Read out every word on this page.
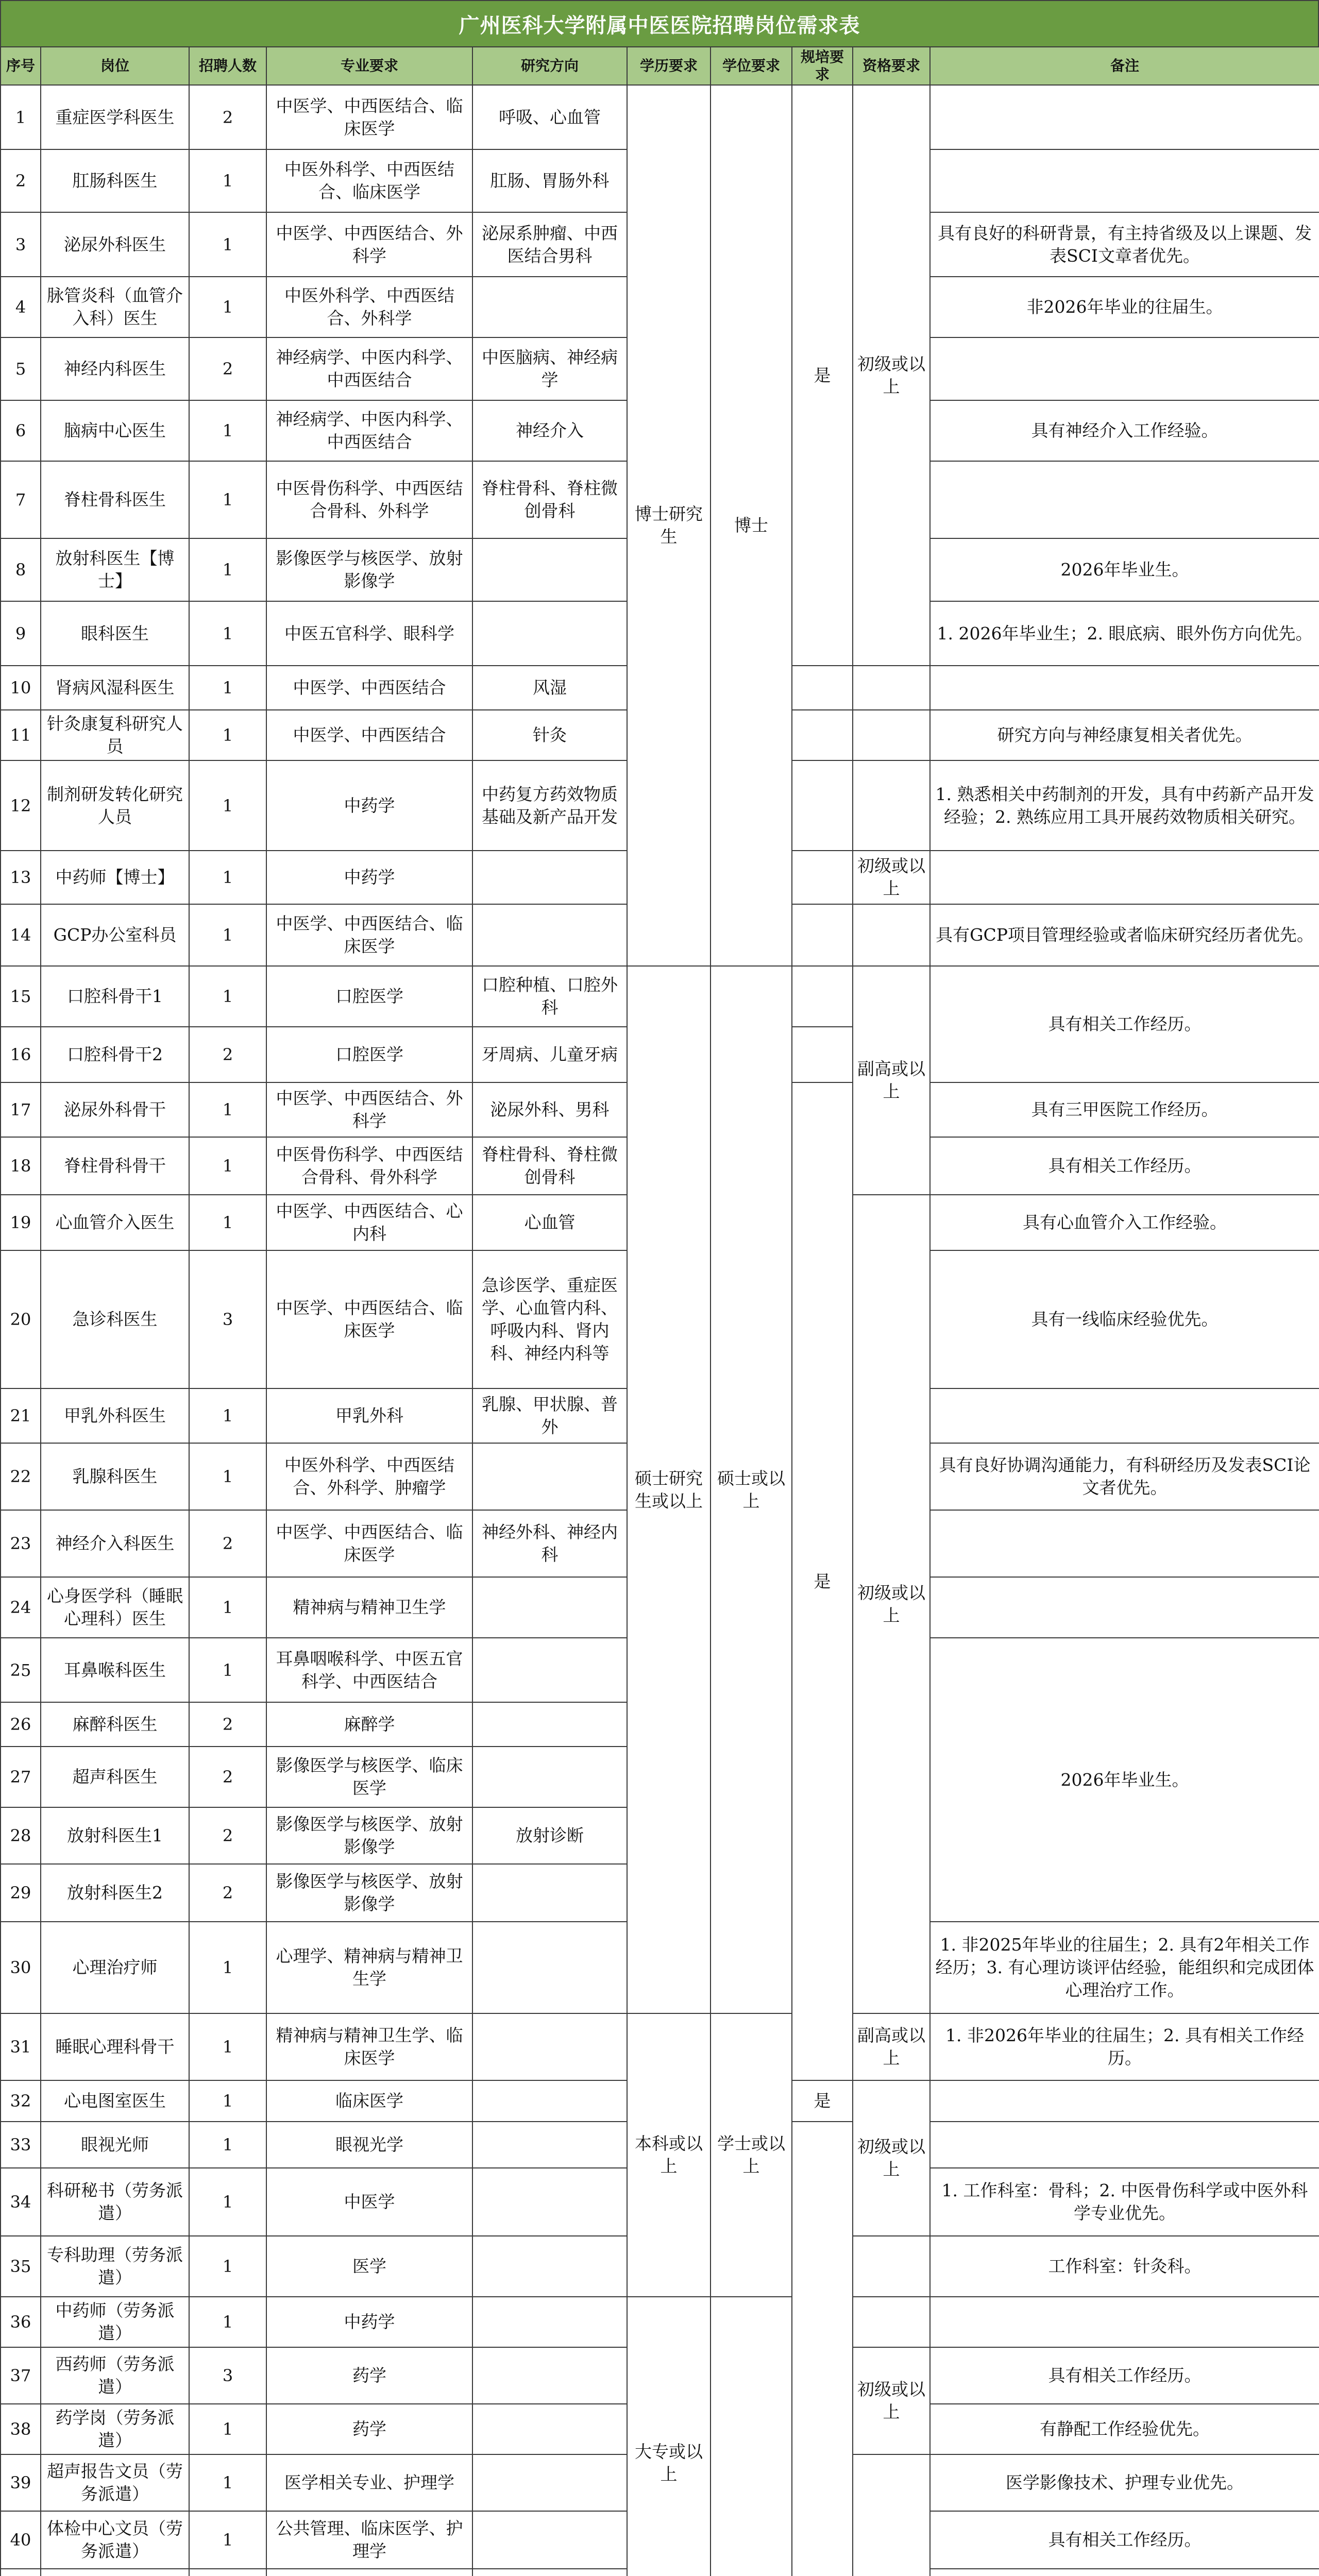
广州医科大学附属中医医院招聘岗位需求表
序号	岗位	招聘人数	专业要求	研究方向	学历要求	学位要求	规培要求	资格要求	备注
1	重症医学科医生	2	中医学、中西医结合、临床医学	呼吸、心血管	博士研究生	博士	是	初级或以上	
2	肛肠科医生	1	中医外科学、中西医结合、临床医学	肛肠、胃肠外科					
3	泌尿外科医生	1	中医学、中西医结合、外科学	泌尿系肿瘤、中西医结合男科					具有良好的科研背景，有主持省级及以上课题、发表SCI文章者优先。
4	脉管炎科（血管介入科）医生	1	中医外科学、中西医结合、外科学						非2026年毕业的往届生。
5	神经内科医生	2	神经病学、中医内科学、中西医结合	中医脑病、神经病学					
6	脑病中心医生	1	神经病学、中医内科学、中西医结合	神经介入					具有神经介入工作经验。
7	脊柱骨科医生	1	中医骨伤科学、中西医结合骨科、外科学	脊柱骨科、脊柱微创骨科					
8	放射科医生【博士】	1	影像医学与核医学、放射影像学						2026年毕业生。
9	眼科医生	1	中医五官科学、眼科学						1. 2026年毕业生；2. 眼底病、眼外伤方向优先。
10	肾病风湿科医生	1	中医学、中西医结合	风湿					
11	针灸康复科研究人员	1	中医学、中西医结合	针灸					研究方向与神经康复相关者优先。
12	制剂研发转化研究人员	1	中药学	中药复方药效物质基础及新产品开发					1. 熟悉相关中药制剂的开发，具有中药新产品开发经验；2. 熟练应用工具开展药效物质相关研究。
13	中药师【博士】	1	中药学					初级或以上	
14	GCP办公室科员	1	中医学、中西医结合、临床医学						具有GCP项目管理经验或者临床研究经历者优先。
15	口腔科骨干1	1	口腔医学	口腔种植、口腔外科	硕士研究生或以上	硕士或以上		副高或以上	具有相关工作经历。
16	口腔科骨干2	2	口腔医学	牙周病、儿童牙病					
17	泌尿外科骨干	1	中医学、中西医结合、外科学	泌尿外科、男科			是		具有三甲医院工作经历。
18	脊柱骨科骨干	1	中医骨伤科学、中西医结合骨科、骨外科学	脊柱骨科、脊柱微创骨科					具有相关工作经历。
19	心血管介入医生	1	中医学、中西医结合、心内科	心血管				初级或以上	具有心血管介入工作经验。
20	急诊科医生	3	中医学、中西医结合、临床医学	急诊医学、重症医学、心血管内科、呼吸内科、肾内科、神经内科等					具有一线临床经验优先。
21	甲乳外科医生	1	甲乳外科	乳腺、甲状腺、普外					
22	乳腺科医生	1	中医外科学、中西医结合、外科学、肿瘤学						具有良好协调沟通能力，有科研经历及发表SCI论文者优先。
23	神经介入科医生	2	中医学、中西医结合、临床医学	神经外科、神经内科					
24	心身医学科（睡眠心理科）医生	1	精神病与精神卫生学						
25	耳鼻喉科医生	1	耳鼻咽喉科学、中医五官科学、中西医结合						2026年毕业生。
26	麻醉科医生	2	麻醉学						
27	超声科医生	2	影像医学与核医学、临床医学						
28	放射科医生1	2	影像医学与核医学、放射影像学	放射诊断					
29	放射科医生2	2	影像医学与核医学、放射影像学						
30	心理治疗师	1	心理学、精神病与精神卫生学						1. 非2025年毕业的往届生；2. 具有2年相关工作经历；3. 有心理访谈评估经验，能组织和完成团体心理治疗工作。
31	睡眠心理科骨干	1	精神病与精神卫生学、临床医学		本科或以上	学士或以上		副高或以上	1. 非2026年毕业的往届生；2. 具有相关工作经历。
32	心电图室医生	1	临床医学				是	初级或以上	
33	眼视光师	1	眼视光学						
34	科研秘书（劳务派遣）	1	中医学						1. 工作科室：骨科；2. 中医骨伤科学或中医外科学专业优先。
35	专科助理（劳务派遣）	1	医学						工作科室：针灸科。
36	中药师（劳务派遣）	1	中药学		大专或以上				
37	西药师（劳务派遣）	3	药学					初级或以上	具有相关工作经历。
38	药学岗（劳务派遣）	1	药学						有静配工作经验优先。
39	超声报告文员（劳务派遣）	1	医学相关专业、护理学						医学影像技术、护理专业优先。
40	体检中心文员（劳务派遣）	1	公共管理、临床医学、护理学						具有相关工作经历。
